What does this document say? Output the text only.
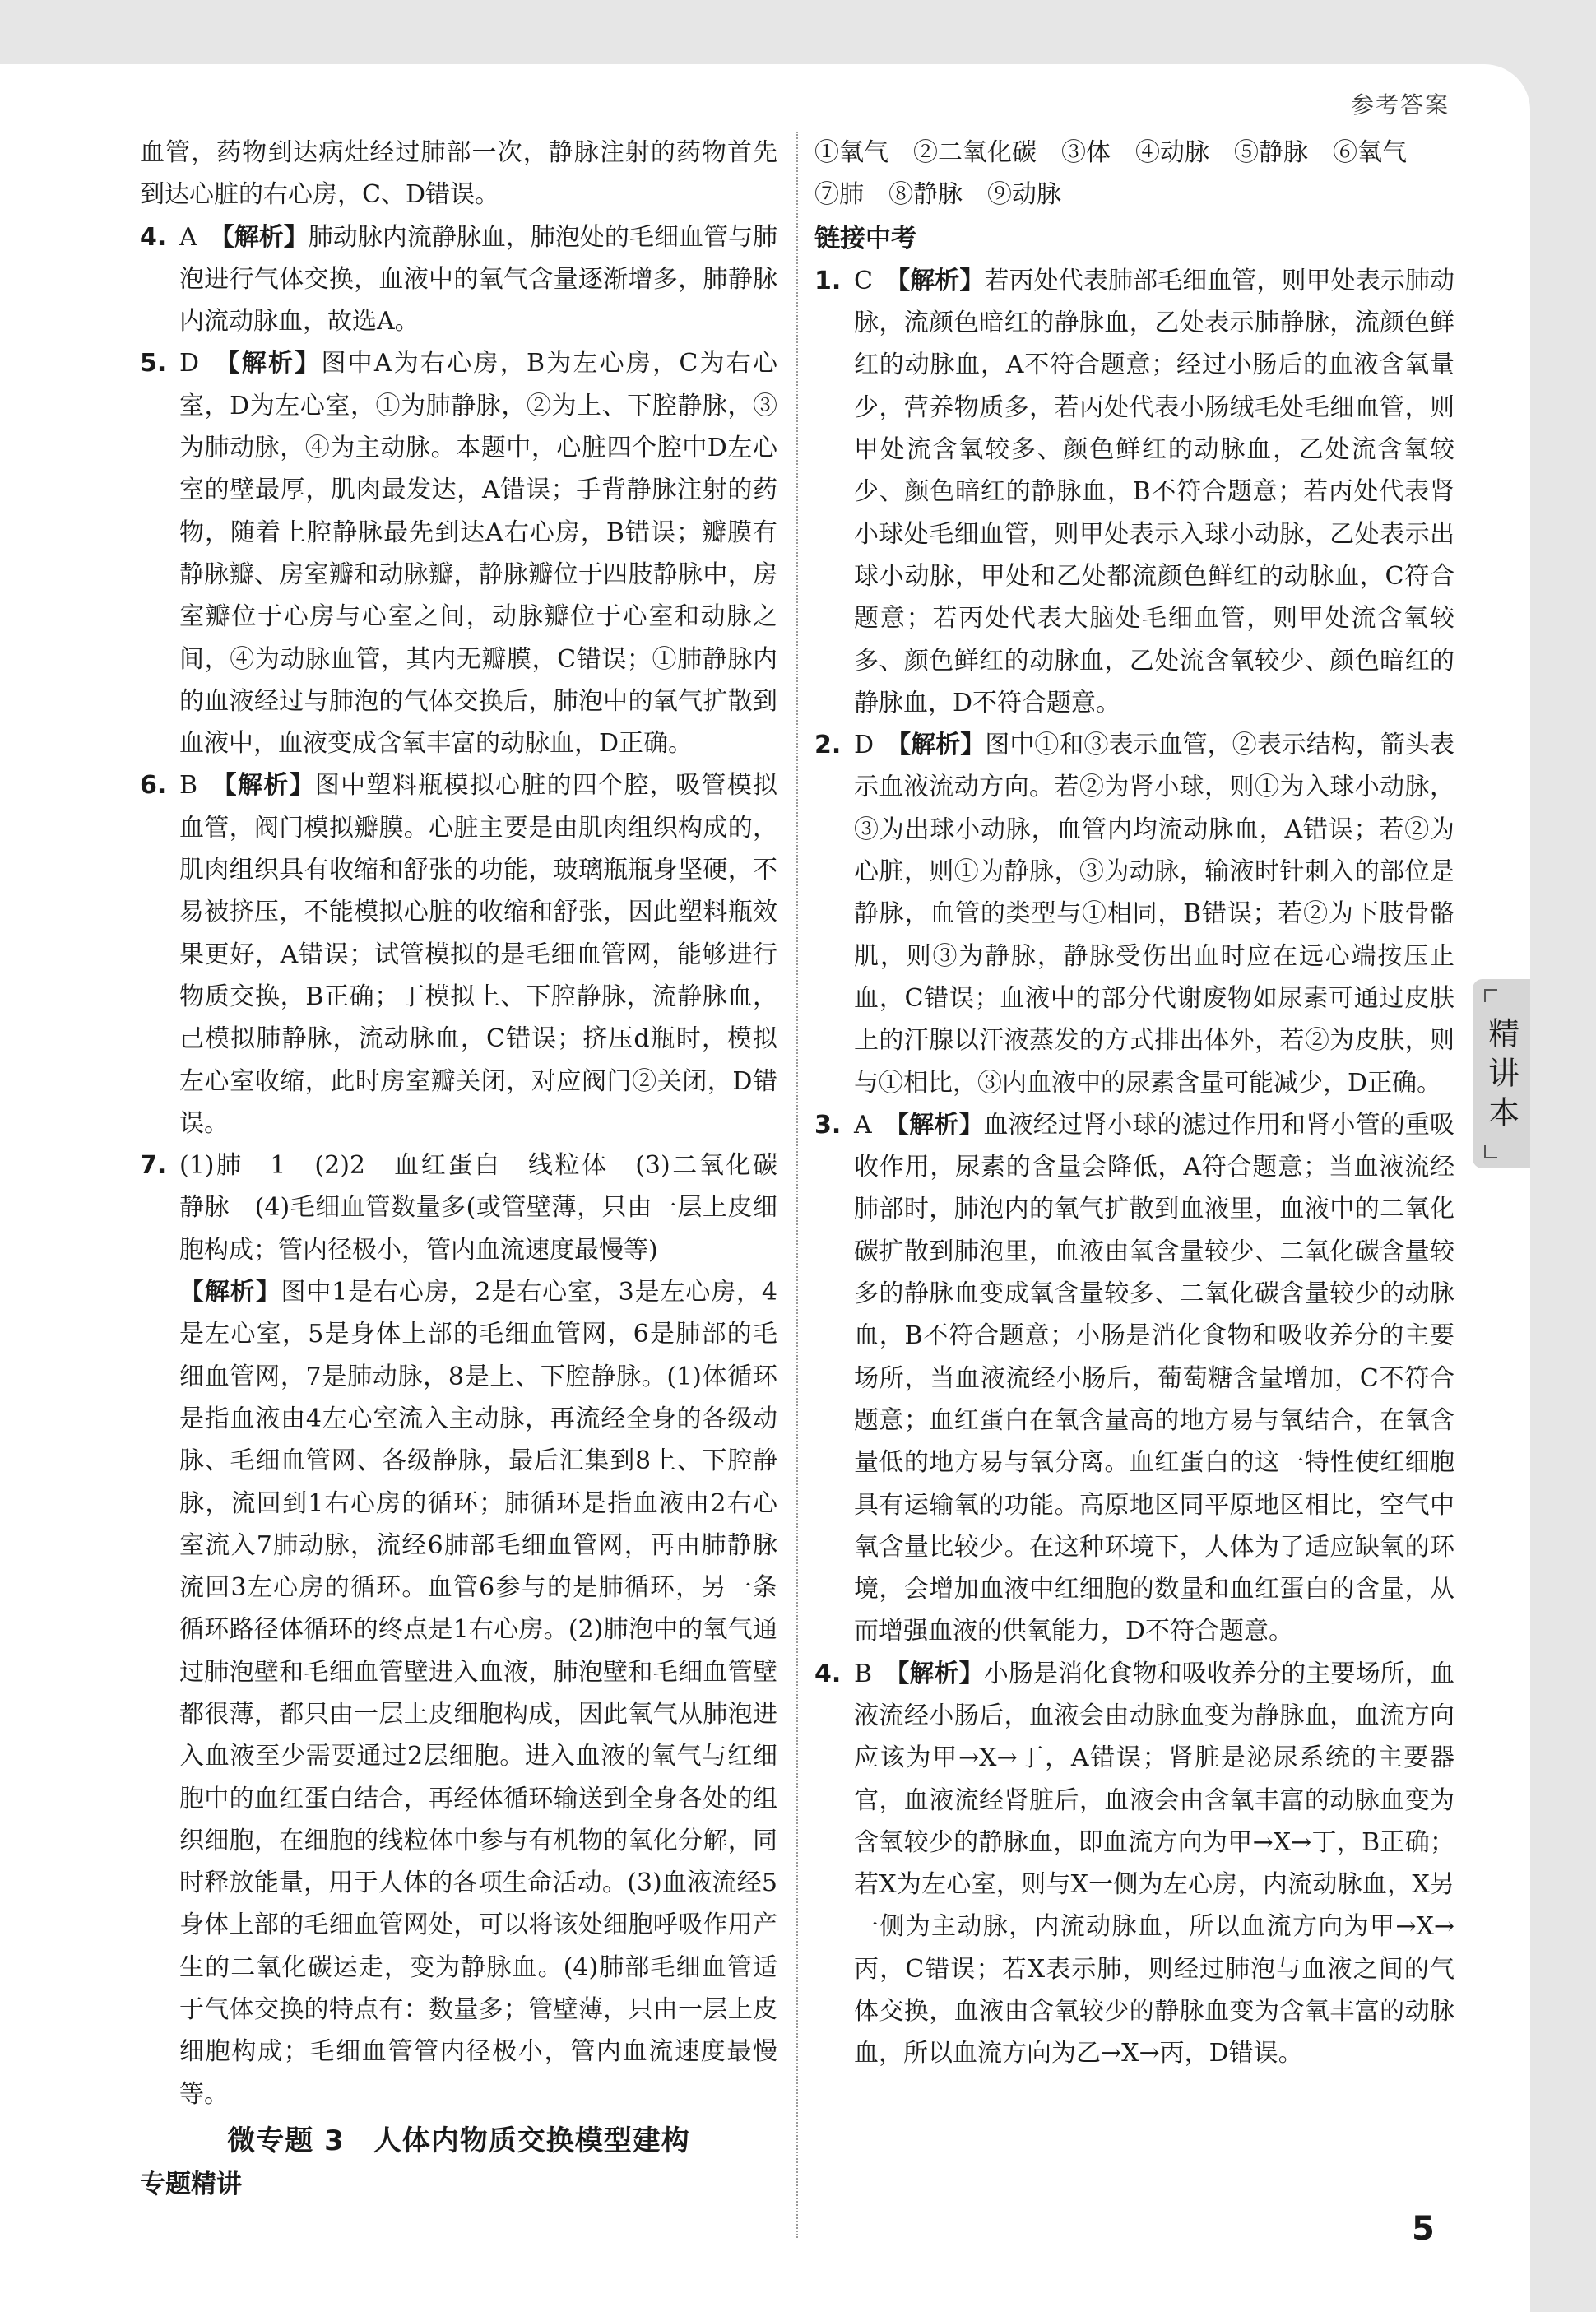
参考答案

血管，药物到达病灶经过肺部一次，静脉注射的药物首先到达心脏的右心房，C、D错误。

4. A　 【解析】肺动脉内流静脉血，肺泡处的毛细血管与肺泡进行气体交换，血液中的氧气含量逐渐增多，肺静脉内流动脉血，故选A。
5. D　 【解析】图中A为右心房，B为左心房，C为右心室，D为左心室，①为肺静脉，②为上、下腔静脉，③为肺动脉，④为主动脉。本题中，心脏四个腔中D左心室的壁最厚，肌肉最发达，A错误；手背静脉注射的药物，随着上腔静脉最先到达A右心房，B错误；瓣膜有静脉瓣、房室瓣和动脉瓣，静脉瓣位于四肢静脉中，房室瓣位于心房与心室之间，动脉瓣位于心室和动脉之间，④为动脉血管，其内无瓣膜，C错误；①肺静脉内的血液经过与肺泡的气体交换后，肺泡中的氧气扩散到血液中，血液变成含氧丰富的动脉血，D正确。
6. B　 【解析】图中塑料瓶模拟心脏的四个腔，吸管模拟血管，阀门模拟瓣膜。心脏主要是由肌肉组织构成的，肌肉组织具有收缩和舒张的功能，玻璃瓶瓶身坚硬，不易被挤压，不能模拟心脏的收缩和舒张，因此塑料瓶效果更好，A错误；试管模拟的是毛细血管网，能够进行物质交换，B正确；丁模拟上、下腔静脉，流静脉血，己模拟肺静脉，流动脉血，C错误；挤压d瓶时，模拟左心室收缩，此时房室瓣关闭，对应阀门②关闭，D错误。
7. (1)肺　1　(2)2　血红蛋白　线粒体　(3)二氧化碳　静脉　(4)毛细血管数量多(或管壁薄，只由一层上皮细胞构成；管内径极小，管内血流速度最慢等)
【解析】图中1是右心房，2是右心室，3是左心房，4是左心室，5是身体上部的毛细血管网，6是肺部的毛细血管网，7是肺动脉，8是上、下腔静脉。(1)体循环是指血液由4左心室流入主动脉，再流经全身的各级动脉、毛细血管网、各级静脉，最后汇集到8上、下腔静脉，流回到1右心房的循环；肺循环是指血液由2右心室流入7肺动脉，流经6肺部毛细血管网，再由肺静脉流回3左心房的循环。血管6参与的是肺循环，另一条循环路径体循环的终点是1右心房。(2)肺泡中的氧气通过肺泡壁和毛细血管壁进入血液，肺泡壁和毛细血管壁都很薄，都只由一层上皮细胞构成，因此氧气从肺泡进入血液至少需要通过2层细胞。进入血液的氧气与红细胞中的血红蛋白结合，再经体循环输送到全身各处的组织细胞，在细胞的线粒体中参与有机物的氧化分解，同时释放能量，用于人体的各项生命活动。(3)血液流经5身体上部的毛细血管网处，可以将该处细胞呼吸作用产生的二氧化碳运走，变为静脉血。(4)肺部毛细血管适于气体交换的特点有：数量多；管壁薄，只由一层上皮细胞构成；毛细血管管内径极小，管内血流速度最慢等。
微专题 3　人体内物质交换模型建构
专题精讲

①氧气　②二氧化碳　③体　④动脉　⑤静脉　⑥氧气

⑦肺　⑧静脉　⑨动脉

链接中考
1. C　 【解析】若丙处代表肺部毛细血管，则甲处表示肺动脉，流颜色暗红的静脉血，乙处表示肺静脉，流颜色鲜红的动脉血，A不符合题意；经过小肠后的血液含氧量少，营养物质多，若丙处代表小肠绒毛处毛细血管，则甲处流含氧较多、颜色鲜红的动脉血，乙处流含氧较少、颜色暗红的静脉血，B不符合题意；若丙处代表肾小球处毛细血管，则甲处表示入球小动脉，乙处表示出球小动脉，甲处和乙处都流颜色鲜红的动脉血，C符合题意；若丙处代表大脑处毛细血管，则甲处流含氧较多、颜色鲜红的动脉血，乙处流含氧较少、颜色暗红的静脉血，D不符合题意。
2. D　 【解析】图中①和③表示血管，②表示结构，箭头表示血液流动方向。若②为肾小球，则①为入球小动脉，③为出球小动脉，血管内均流动脉血，A错误；若②为心脏，则①为静脉，③为动脉，输液时针刺入的部位是静脉，血管的类型与①相同，B错误；若②为下肢骨骼肌，则③为静脉，静脉受伤出血时应在远心端按压止血，C错误；血液中的部分代谢废物如尿素可通过皮肤上的汗腺以汗液蒸发的方式排出体外，若②为皮肤，则与①相比，③内血液中的尿素含量可能减少，D正确。
3. A　 【解析】血液经过肾小球的滤过作用和肾小管的重吸收作用，尿素的含量会降低，A符合题意；当血液流经肺部时，肺泡内的氧气扩散到血液里，血液中的二氧化碳扩散到肺泡里，血液由氧含量较少、二氧化碳含量较多的静脉血变成氧含量较多、二氧化碳含量较少的动脉血，B不符合题意；小肠是消化食物和吸收养分的主要场所，当血液流经小肠后，葡萄糖含量增加，C不符合题意；血红蛋白在氧含量高的地方易与氧结合，在氧含量低的地方易与氧分离。血红蛋白的这一特性使红细胞具有运输氧的功能。高原地区同平原地区相比，空气中氧含量比较少。在这种环境下，人体为了适应缺氧的环境，会增加血液中红细胞的数量和血红蛋白的含量，从而增强血液的供氧能力，D不符合题意。
4. B　 【解析】小肠是消化食物和吸收养分的主要场所，血液流经小肠后，血液会由动脉血变为静脉血，血流方向应该为甲→X→丁，A错误；肾脏是泌尿系统的主要器官，血液流经肾脏后，血液会由含氧丰富的动脉血变为含氧较少的静脉血，即血流方向为甲→X→丁，B正确；若X为左心室，则与X一侧为左心房，内流动脉血，X另一侧为主动脉，内流动脉血，所以血流方向为甲→X→丙，C错误；若X表示肺，则经过肺泡与血液之间的气体交换，血液由含氧较少的静脉血变为含氧丰富的动脉血，所以血流方向为乙→X→丙，D错误。
5
精讲本
